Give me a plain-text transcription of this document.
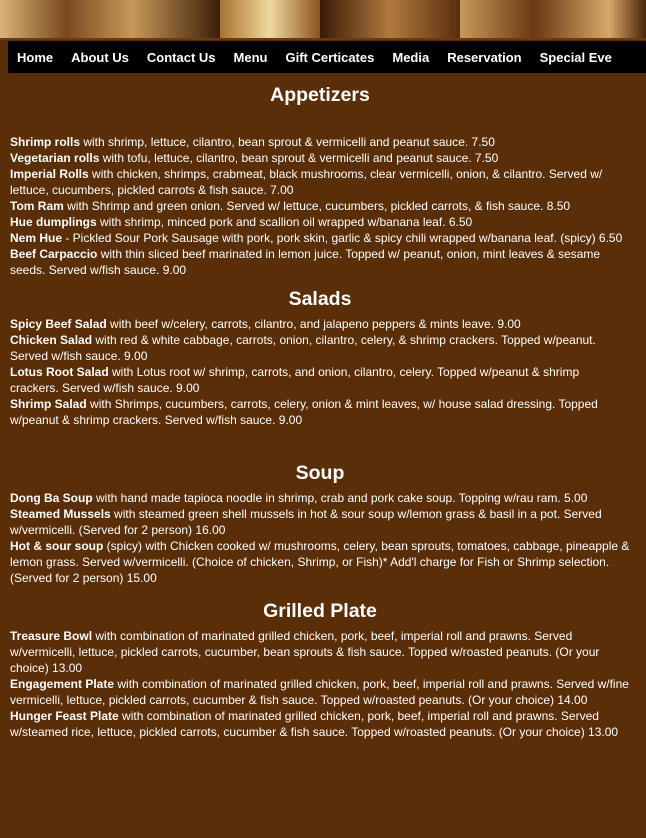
Home	About Us	Contact Us	Menu	Gift Certicates	Media	Reservation	Special Eve
Appetizers

Shrimp rolls with shrimp, lettuce, cilantro, bean sprout & vermicelli and peanut sauce. 7.50

Vegetarian rolls with tofu, lettuce, cilantro, bean sprout & vermicelli and peanut sauce. 7.50

Imperial Rolls with chicken, shrimps, crabmeat, black mushrooms, clear vermicelli, onion, & cilantro. Served w/ lettuce, cucumbers, pickled carrots & fish sauce. 7.00

Tom Ram with Shrimp and green onion. Served w/ lettuce, cucumbers, pickled carrots, & fish sauce. 8.50

Hue dumplings with shrimp, minced pork and scallion oil wrapped w/banana leaf. 6.50

Nem Hue - Pickled Sour Pork Sausage with pork, pork skin, garlic & spicy chili wrapped w/banana leaf. (spicy) 6.50

Beef Carpaccio with thin sliced beef marinated in lemon juice. Topped w/ peanut, onion, mint leaves & sesame seeds. Served w/fish sauce. 9.00

Salads

Spicy Beef Salad with beef w/celery, carrots, cilantro, and jalapeno peppers & mints leave. 9.00

Chicken Salad with red & white cabbage, carrots, onion, cilantro, celery, & shrimp crackers. Topped w/peanut. Served w/fish sauce. 9.00

Lotus Root Salad with Lotus root w/ shrimp, carrots, and onion, cilantro, celery. Topped w/peanut & shrimp crackers. Served w/fish sauce. 9.00

Shrimp Salad with Shrimps, cucumbers, carrots, celery, onion & mint leaves, w/ house salad dressing. Topped w/peanut & shrimp crackers. Served w/fish sauce. 9.00

Soup

Dong Ba Soup with hand made tapioca noodle in shrimp, crab and pork cake soup. Topping w/rau ram. 5.00

Steamed Mussels with steamed green shell mussels in hot & sour soup w/lemon grass & basil in a pot. Served w/vermicelli. (Served for 2 person) 16.00

Hot & sour soup (spicy) with Chicken cooked w/ mushrooms, celery, bean sprouts, tomatoes, cabbage, pineapple & lemon grass. Served w/vermicelli. (Choice of chicken, Shrimp, or Fish)* Add'l charge for Fish or Shrimp selection. (Served for 2 person) 15.00

Grilled Plate

Treasure Bowl with combination of marinated grilled chicken, pork, beef, imperial roll and prawns. Served w/vermicelli, lettuce, pickled carrots, cucumber, bean sprouts & fish sauce. Topped w/roasted peanuts. (Or your choice) 13.00

Engagement Plate with combination of marinated grilled chicken, pork, beef, imperial roll and prawns. Served w/fine vermicelli, lettuce, pickled carrots, cucumber & fish sauce. Topped w/roasted peanuts. (Or your choice) 14.00

Hunger Feast Plate with combination of marinated grilled chicken, pork, beef, imperial roll and prawns. Served w/steamed rice, lettuce, pickled carrots, cucumber & fish sauce. Topped w/roasted peanuts. (Or your choice) 13.00
